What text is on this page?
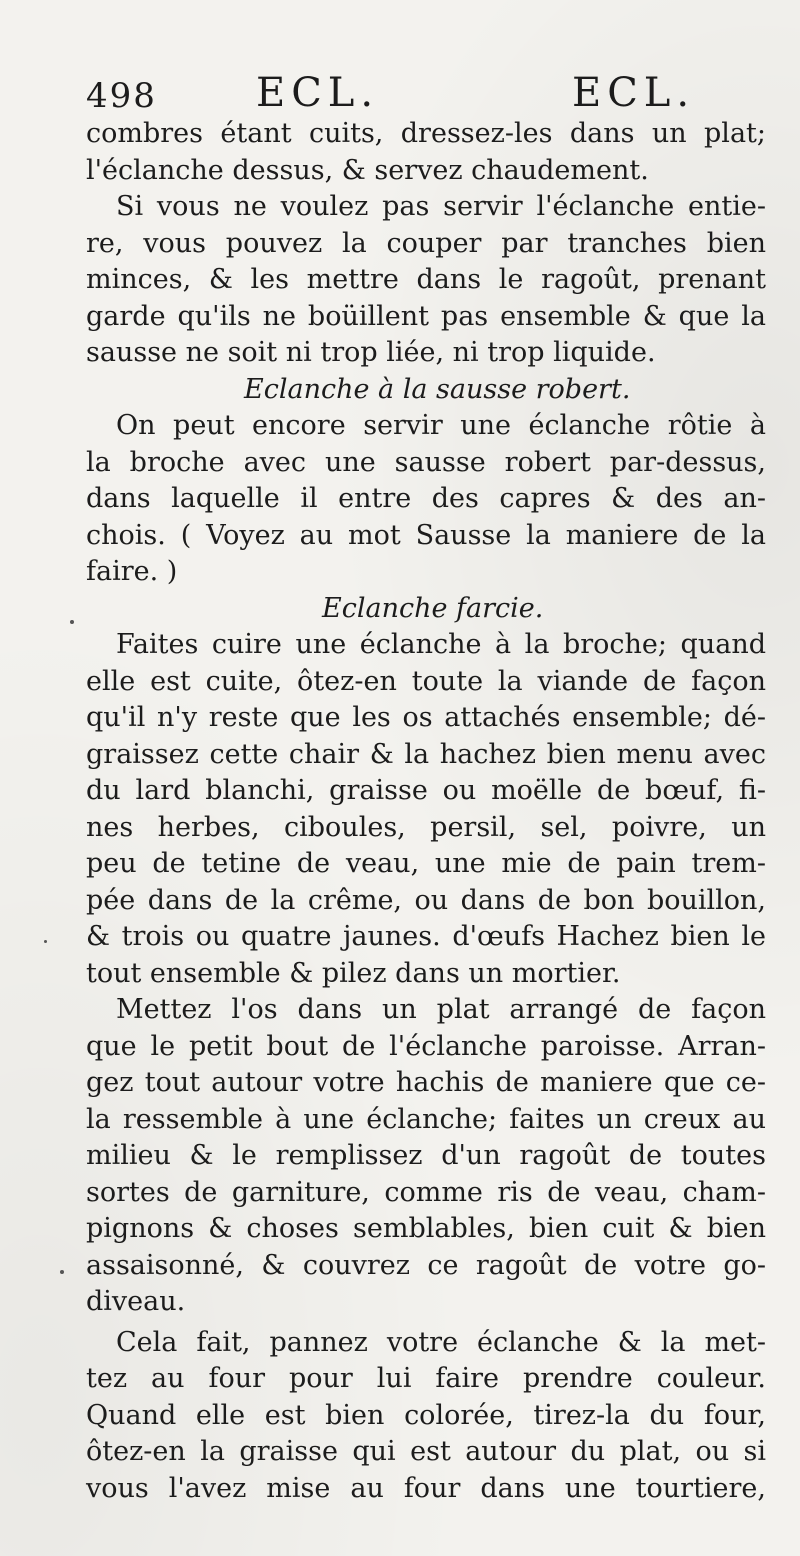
498 ECL.	ECL.
combres étant cuits, dressez-les dans un plat;
l'éclanche dessus, & servez chaudement.
Si vous ne voulez pas servir l'éclanche entie-
re, vous pouvez la couper par tranches bien
minces, & les mettre dans le ragoût, prenant
garde qu'ils ne boüillent pas ensemble & que la
sausse ne soit ni trop liée, ni trop liquide.
Eclanche à la sausse robert.
On peut encore servir une éclanche rôtie à
la broche avec une sausse robert par-dessus,
dans laquelle il entre des capres & des an-
chois. ( Voyez au mot Sausse la maniere de la
faire. )
Eclanche farcie.
Faites cuire une éclanche à la broche; quand
elle est cuite, ôtez-en toute la viande de façon
qu'il n'y reste que les os attachés ensemble; dé-
graissez cette chair & la hachez bien menu avec
du lard blanchi, graisse ou moëlle de bœuf, fi-
nes herbes, ciboules, persil, sel, poivre, un
peu de tetine de veau, une mie de pain trem-
pée dans de la crême, ou dans de bon bouillon,
& trois ou quatre jaunes. d'œufs Hachez bien le
tout ensemble & pilez dans un mortier.
Mettez l'os dans un plat arrangé de façon
que le petit bout de l'éclanche paroisse. Arran-
gez tout autour votre hachis de maniere que ce-
la ressemble à une éclanche; faites un creux au
milieu & le remplissez d'un ragoût de toutes
sortes de garniture, comme ris de veau, cham-
pignons & choses semblables, bien cuit & bien
assaisonné, & couvrez ce ragoût de votre go-
diveau.
Cela fait, pannez votre éclanche & la met-
tez au four pour lui faire prendre couleur.
Quand elle est bien colorée, tirez-la du four,
ôtez-en la graisse qui est autour du plat, ou si
vous l'avez mise au four dans une tourtiere,
